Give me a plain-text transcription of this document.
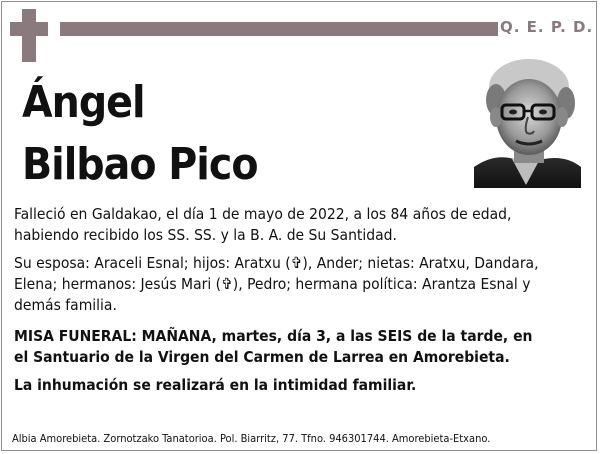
Q. E. P. D.
Ángel
Bilbao Pico
Falleció en Galdakao, el día 1 de mayo de 2022, a los 84 años de edad,
habiendo recibido los SS. SS. y la B. A. de Su Santidad.
Su esposa: Araceli Esnal; hijos: Aratxu (✞), Ander; nietas: Aratxu, Dandara,
Elena; hermanos: Jesús Mari (✞), Pedro; hermana política: Arantza Esnal y
demás familia.
MISA FUNERAL: MAÑANA, martes, día 3, a las SEIS de la tarde, en
el Santuario de la Virgen del Carmen de Larrea en Amorebieta.
La inhumación se realizará en la intimidad familiar.
Albia Amorebieta. Zornotzako Tanatorioa. Pol. Biarritz, 77. Tfno. 946301744. Amorebieta-Etxano.
